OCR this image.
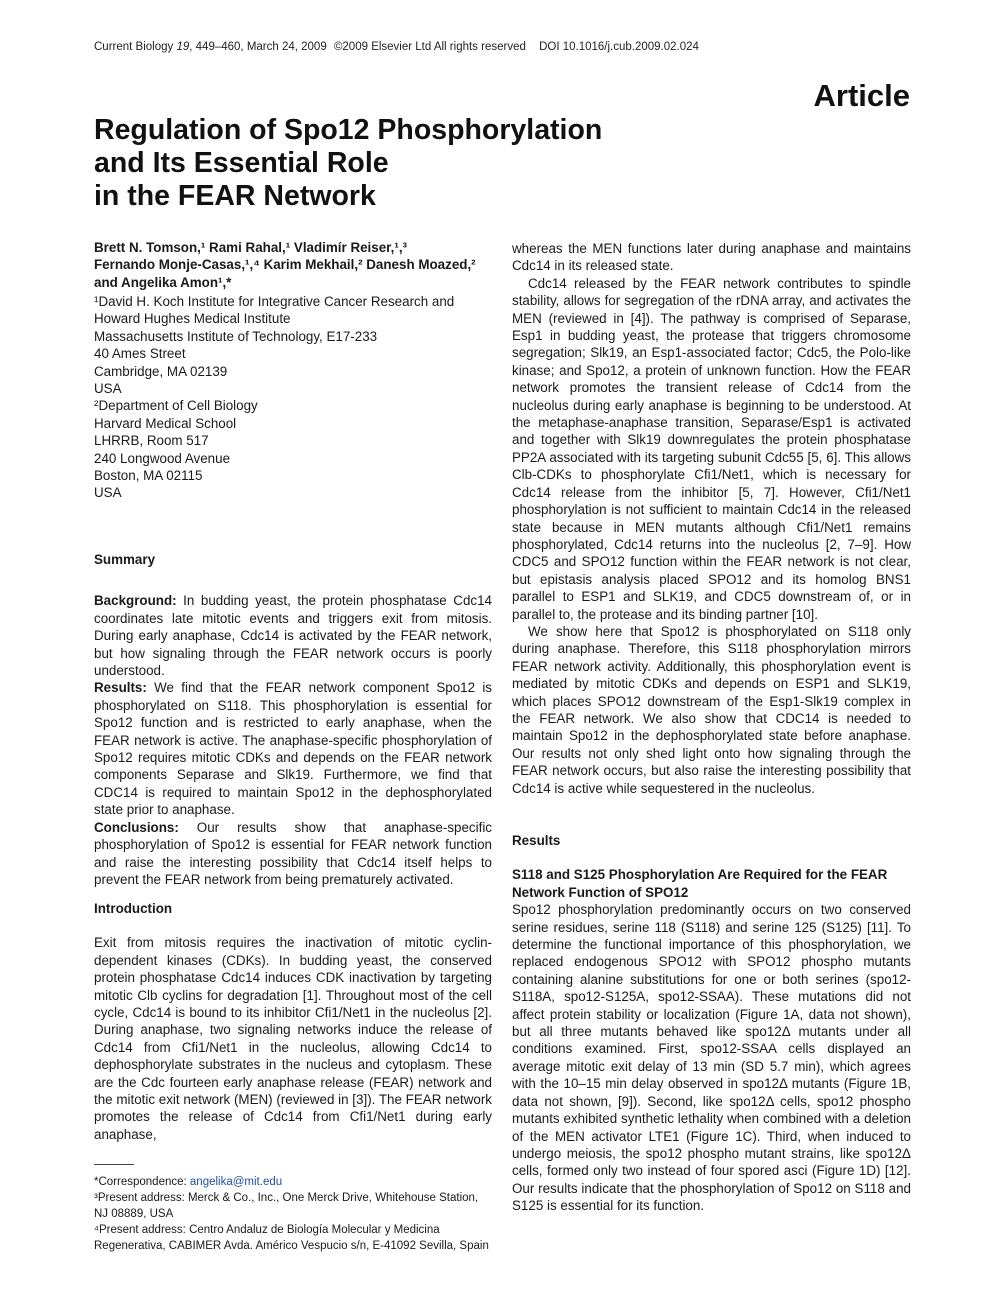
Current Biology 19, 449–460, March 24, 2009 ©2009 Elsevier Ltd All rights reserved DOI 10.1016/j.cub.2009.02.024
Article
Regulation of Spo12 Phosphorylation
and Its Essential Role
in the FEAR Network
Brett N. Tomson,¹ Rami Rahal,¹ Vladimír Reiser,¹,³
Fernando Monje-Casas,¹,⁴ Karim Mekhail,² Danesh Moazed,²
and Angelika Amon¹,*
¹David H. Koch Institute for Integrative Cancer Research and
Howard Hughes Medical Institute
Massachusetts Institute of Technology, E17-233
40 Ames Street
Cambridge, MA 02139
USA
²Department of Cell Biology
Harvard Medical School
LHRRB, Room 517
240 Longwood Avenue
Boston, MA 02115
USA
Summary

Background: In budding yeast, the protein phosphatase Cdc14 coordinates late mitotic events and triggers exit from mitosis. During early anaphase, Cdc14 is activated by the FEAR network, but how signaling through the FEAR network occurs is poorly understood.

Results: We find that the FEAR network component Spo12 is phosphorylated on S118. This phosphorylation is essential for Spo12 function and is restricted to early anaphase, when the FEAR network is active. The anaphase-specific phosphorylation of Spo12 requires mitotic CDKs and depends on the FEAR network components Separase and Slk19. Furthermore, we find that CDC14 is required to maintain Spo12 in the dephosphorylated state prior to anaphase.

Conclusions: Our results show that anaphase-specific phosphorylation of Spo12 is essential for FEAR network function and raise the interesting possibility that Cdc14 itself helps to prevent the FEAR network from being prematurely activated.

Introduction

Exit from mitosis requires the inactivation of mitotic cyclin-dependent kinases (CDKs). In budding yeast, the conserved protein phosphatase Cdc14 induces CDK inactivation by targeting mitotic Clb cyclins for degradation [1]. Throughout most of the cell cycle, Cdc14 is bound to its inhibitor Cfi1/Net1 in the nucleolus [2]. During anaphase, two signaling networks induce the release of Cdc14 from Cfi1/Net1 in the nucleolus, allowing Cdc14 to dephosphorylate substrates in the nucleus and cytoplasm. These are the Cdc fourteen early anaphase release (FEAR) network and the mitotic exit network (MEN) (reviewed in [3]). The FEAR network promotes the release of Cdc14 from Cfi1/Net1 during early anaphase,

*Correspondence: angelika@mit.edu
³Present address: Merck & Co., Inc., One Merck Drive, Whitehouse Station, NJ 08889, USA
⁴Present address: Centro Andaluz de Biología Molecular y Medicina Regenerativa, CABIMER Avda. Américo Vespucio s/n, E-41092 Sevilla, Spain

whereas the MEN functions later during anaphase and maintains Cdc14 in its released state.

Cdc14 released by the FEAR network contributes to spindle stability, allows for segregation of the rDNA array, and activates the MEN (reviewed in [4]). The pathway is comprised of Separase, Esp1 in budding yeast, the protease that triggers chromosome segregation; Slk19, an Esp1-associated factor; Cdc5, the Polo-like kinase; and Spo12, a protein of unknown function. How the FEAR network promotes the transient release of Cdc14 from the nucleolus during early anaphase is beginning to be understood. At the metaphase-anaphase transition, Separase/Esp1 is activated and together with Slk19 downregulates the protein phosphatase PP2A associated with its targeting subunit Cdc55 [5, 6]. This allows Clb-CDKs to phosphorylate Cfi1/Net1, which is necessary for Cdc14 release from the inhibitor [5, 7]. However, Cfi1/Net1 phosphorylation is not sufficient to maintain Cdc14 in the released state because in MEN mutants although Cfi1/Net1 remains phosphorylated, Cdc14 returns into the nucleolus [2, 7–9]. How CDC5 and SPO12 function within the FEAR network is not clear, but epistasis analysis placed SPO12 and its homolog BNS1 parallel to ESP1 and SLK19, and CDC5 downstream of, or in parallel to, the protease and its binding partner [10].

We show here that Spo12 is phosphorylated on S118 only during anaphase. Therefore, this S118 phosphorylation mirrors FEAR network activity. Additionally, this phosphorylation event is mediated by mitotic CDKs and depends on ESP1 and SLK19, which places SPO12 downstream of the Esp1-Slk19 complex in the FEAR network. We also show that CDC14 is needed to maintain Spo12 in the dephosphorylated state before anaphase. Our results not only shed light onto how signaling through the FEAR network occurs, but also raise the interesting possibility that Cdc14 is active while sequestered in the nucleolus.

Results
S118 and S125 Phosphorylation Are Required for the FEAR
Network Function of SPO12

Spo12 phosphorylation predominantly occurs on two conserved serine residues, serine 118 (S118) and serine 125 (S125) [11]. To determine the functional importance of this phosphorylation, we replaced endogenous SPO12 with SPO12 phospho mutants containing alanine substitutions for one or both serines (spo12-S118A, spo12-S125A, spo12-SSAA). These mutations did not affect protein stability or localization (Figure 1A, data not shown), but all three mutants behaved like spo12Δ mutants under all conditions examined. First, spo12-SSAA cells displayed an average mitotic exit delay of 13 min (SD 5.7 min), which agrees with the 10–15 min delay observed in spo12Δ mutants (Figure 1B, data not shown, [9]). Second, like spo12Δ cells, spo12 phospho mutants exhibited synthetic lethality when combined with a deletion of the MEN activator LTE1 (Figure 1C). Third, when induced to undergo meiosis, the spo12 phospho mutant strains, like spo12Δ cells, formed only two instead of four spored asci (Figure 1D) [12]. Our results indicate that the phosphorylation of Spo12 on S118 and S125 is essential for its function.
